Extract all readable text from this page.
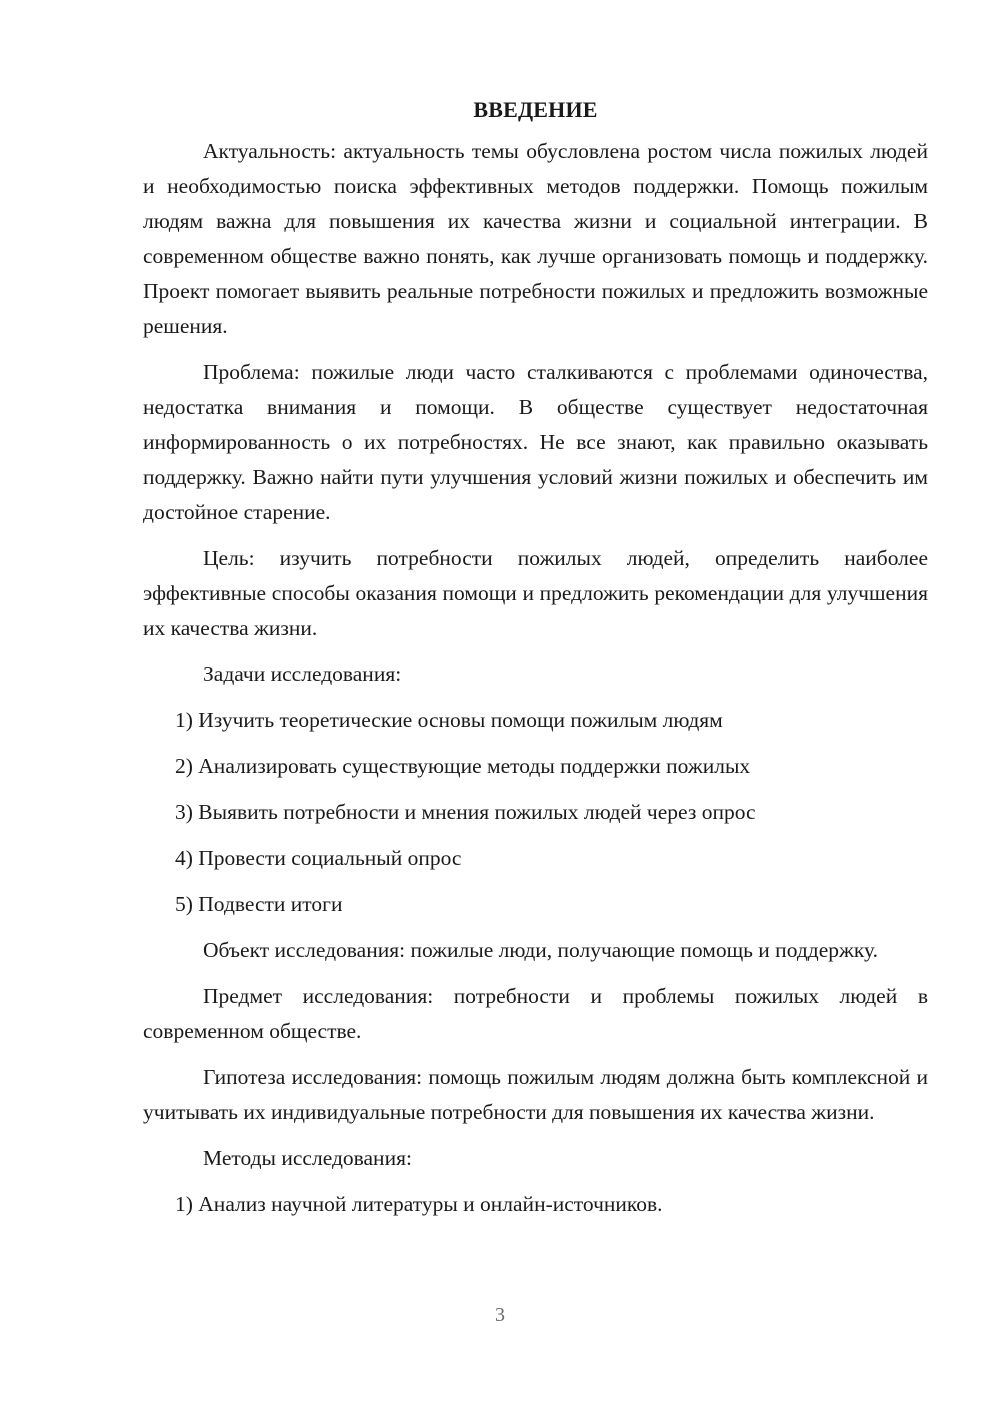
ВВЕДЕНИЕ

Актуальность: актуальность темы обусловлена ростом числа пожилых людей и необходимостью поиска эффективных методов поддержки. Помощь пожилым людям важна для повышения их качества жизни и социальной интеграции. В современном обществе важно понять, как лучше организовать помощь и поддержку. Проект помогает выявить реальные потребности пожилых и предложить возможные решения.

Проблема: пожилые люди часто сталкиваются с проблемами одиночества, недостатка внимания и помощи. В обществе существует недостаточная информированность о их потребностях. Не все знают, как правильно оказывать поддержку. Важно найти пути улучшения условий жизни пожилых и обеспечить им достойное старение.

Цель: изучить потребности пожилых людей, определить наиболее эффективные способы оказания помощи и предложить рекомендации для улучшения их качества жизни.

Задачи исследования:

1) Изучить теоретические основы помощи пожилым людям
2) Анализировать существующие методы поддержки пожилых
3) Выявить потребности и мнения пожилых людей через опрос
4) Провести социальный опрос
5) Подвести итоги

Объект исследования: пожилые люди, получающие помощь и поддержку.

Предмет исследования: потребности и проблемы пожилых людей в современном обществе.

Гипотеза исследования: помощь пожилым людям должна быть комплексной и учитывать их индивидуальные потребности для повышения их качества жизни.

Методы исследования:

1) Анализ научной литературы и онлайн-источников.
3
